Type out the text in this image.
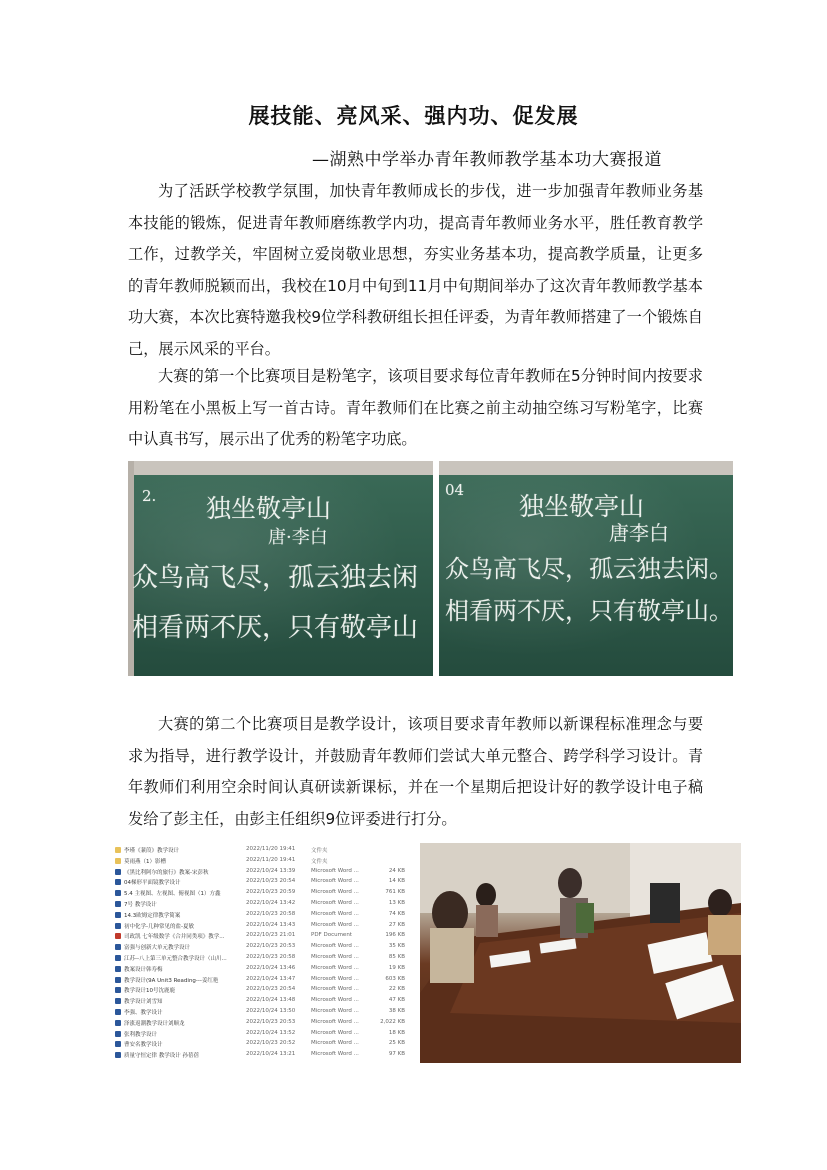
展技能、亮风采、强内功、促发展
—湖熟中学举办青年教师教学基本功大赛报道
为了活跃学校教学氛围，加快青年教师成长的步伐，进一步加强青年教师业务基本技能的锻炼，促进青年教师磨练教学内功，提高青年教师业务水平，胜任教育教学工作，过教学关，牢固树立爱岗敬业思想，夯实业务基本功，提高教学质量，让更多的青年教师脱颖而出，我校在10月中旬到11月中旬期间举办了这次青年教师教学基本功大赛，本次比赛特邀我校9位学科教研组长担任评委，为青年教师搭建了一个锻炼自己，展示风采的平台。
大赛的第一个比赛项目是粉笔字，该项目要求每位青年教师在5分钟时间内按要求用粉笔在小黑板上写一首古诗。青年教师们在比赛之前主动抽空练习写粉笔字，比赛中认真书写，展示出了优秀的粉笔字功底。
2. 独坐敬亭山
唐·李白
众鸟高飞尽，孤云独去闲
相看两不厌，只有敬亭山
04
独坐敬亭山
唐李白
众鸟高飞尽，孤云独去闲。
相看两不厌，只有敬亭山。
大赛的第二个比赛项目是教学设计，该项目要求青年教师以新课程标准理念与要求为指导，进行教学设计，并鼓励青年教师们尝试大单元整合、跨学科学习设计。青年教师们利用空余时间认真研读新课标，并在一个星期后把设计好的教学设计电子稿发给了彭主任，由彭主任组织9位评委进行打分。
李瑾《蒹葭》教学设计	2022/11/20 19:41	文件夹
莫雨燕（1）影槽	2022/11/20 19:41	文件夹
《黑比利阿尔的旅行》教案-宋彭秋	2022/10/24 13:39	Microsoft Word ...	24 KB
04梯形平面镜教学设计	2022/10/23 20:54	Microsoft Word ...	14 KB
5.4 主视图、左视图、俯视图（1）方鑫	2022/10/23 20:59	Microsoft Word ...	761 KB
7号 教学设计	2022/10/24 13:42	Microsoft Word ...	13 KB
14.3欧姆定律教学简案	2022/10/23 20:58	Microsoft Word ...	74 KB
初中化学-几种常见的盐-夏敏	2022/10/24 13:43	Microsoft Word ...	27 KB
司政凯 七年级数学《合并同类项》教学...	2022/10/23 21:01	PDF Document	196 KB
富强与创新大单元教学设计	2022/10/23 20:53	Microsoft Word ...	35 KB
江苏--八上第三单元整合教学设计（山川...	2022/10/23 20:58	Microsoft Word ...	85 KB
教案设计韩寿梅	2022/10/24 13:46	Microsoft Word ...	19 KB
教学设计(9A Unit3 Reading---姜红艳	2022/10/24 13:47	Microsoft Word ...	603 KB
教学设计10号沈鹿鹿	2022/10/23 20:54	Microsoft Word ...	22 KB
教学设计刘雪知	2022/10/24 13:48	Microsoft Word ...	47 KB
李强、教学设计	2022/10/24 13:50	Microsoft Word ...	38 KB
泽涨返潮教学设计刘顺龙	2022/10/23 20:53	Microsoft Word ...	2,022 KB
张利教学设计	2022/10/24 13:52	Microsoft Word ...	18 KB
曹安名教学设计	2022/10/23 20:52	Microsoft Word ...	25 KB
质量守恒定律 教学设计 孙蓓蓓	2022/10/24 13:21	Microsoft Word ...	97 KB
